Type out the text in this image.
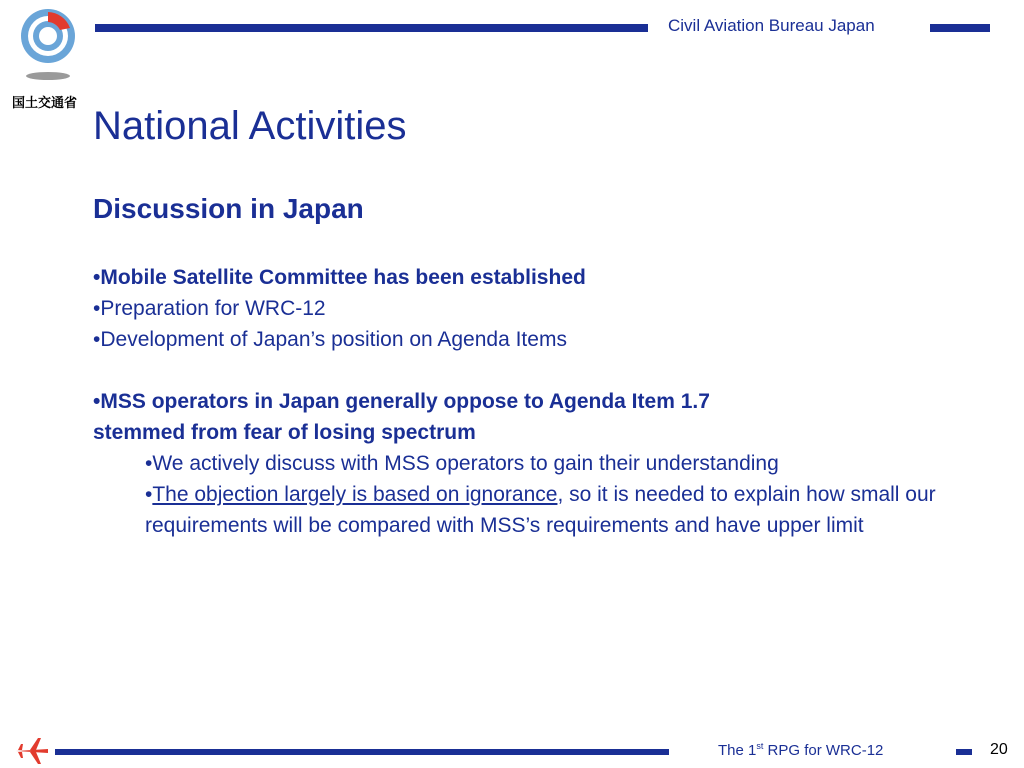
国土交通省
Civil Aviation Bureau Japan
National Activities
Discussion in Japan
•Mobile Satellite Committee has been established
•Preparation for WRC-12
•Development of Japan’s position on Agenda Items
•MSS operators in Japan generally oppose to Agenda Item 1.7
stemmed from fear of losing spectrum
•We actively discuss with MSS operators to gain their understanding
•The objection largely is based on ignorance, so it is needed to explain how small our requirements will be compared with MSS’s requirements and have upper limit
The 1st RPG for WRC-12	20
